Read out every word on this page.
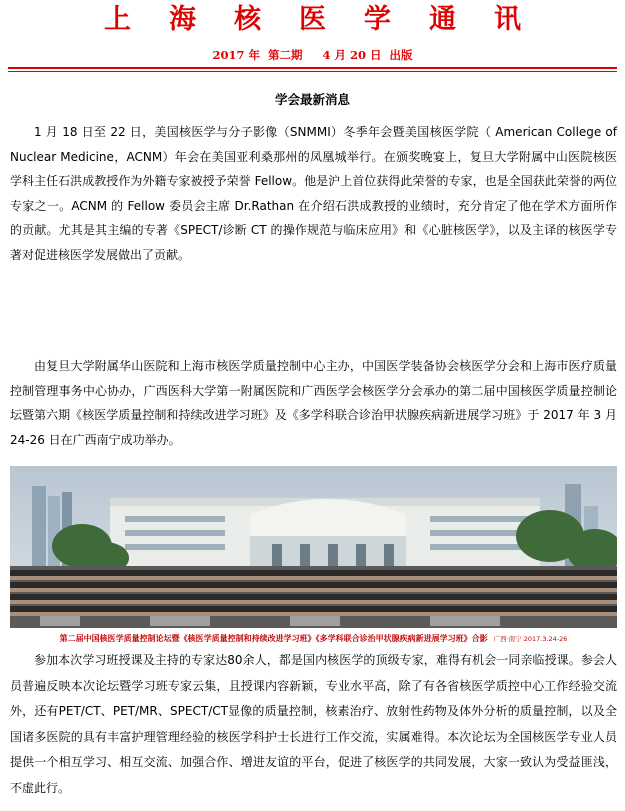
上海核医学通讯
2017 年  第二期     4 月 20 日  出版
学会最新消息

1 月 18 日至 22 日，美国核医学与分子影像（SNMMI）冬季年会暨美国核医学院（ American College of Nuclear Medicine，ACNM）年会在美国亚利桑那州的凤凰城举行。在颁奖晚宴上，复旦大学附属中山医院核医学科主任石洪成教授作为外籍专家被授予荣誉 Fellow。他是沪上首位获得此荣誉的专家，也是全国获此荣誉的两位专家之一。ACNM 的 Fellow 委员会主席 Dr.Rathan 在介绍石洪成教授的业绩时，充分肯定了他在学术方面所作的贡献。尤其是其主编的专著《SPECT/诊断 CT 的操作规范与临床应用》和《心脏核医学》，以及主译的核医学专著对促进核医学发展做出了贡献。

由复旦大学附属华山医院和上海市核医学质量控制中心主办，中国医学装备协会核医学分会和上海市医疗质量控制管理事务中心协办，广西医科大学第一附属医院和广西医学会核医学分会承办的第二届中国核医学质量控制论坛暨第六期《核医学质量控制和持续改进学习班》及《多学科联合诊治甲状腺疾病新进展学习班》于 2017 年 3 月 24-26 日在广西南宁成功举办。

第二届中国核医学质量控制论坛暨《核医学质量控制和持续改进学习班》《多学科联合诊治甲状腺疾病新进展学习班》合影 广西·南宁 2017.3.24-26

参加本次学习班授课及主持的专家达80余人，都是国内核医学的顶级专家，难得有机会一同亲临授课。参会人员普遍反映本次论坛暨学习班专家云集，且授课内容新颖，专业水平高，除了有各省核医学质控中心工作经验交流外，还有PET/CT、PET/MR、SPECT/CT显像的质量控制，核素治疗、放射性药物及体外分析的质量控制，以及全国诸多医院的具有丰富护理管理经验的核医学科护士长进行工作交流，实属难得。本次论坛为全国核医学专业人员提供一个相互学习、相互交流、加强合作、增进友谊的平台，促进了核医学的共同发展，大家一致认为受益匪浅，不虚此行。
